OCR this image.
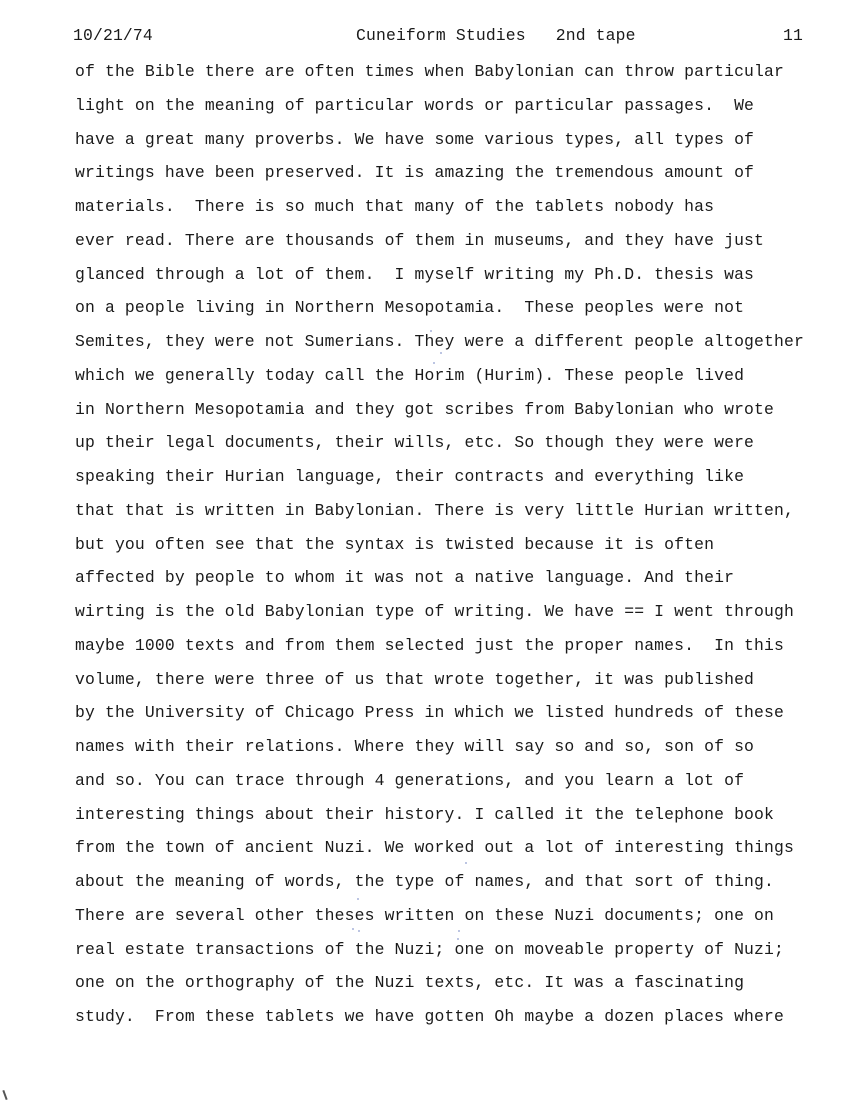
10/21/74	Cuneiform Studies   2nd tape	11
of the Bible there are often times when Babylonian can throw particular
light on the meaning of particular words or particular passages.  We
have a great many proverbs. We have some various types, all types of
writings have been preserved. It is amazing the tremendous amount of
materials.  There is so much that many of the tablets nobody has
ever read. There are thousands of them in museums, and they have just
glanced through a lot of them.  I myself writing my Ph.D. thesis was
on a people living in Northern Mesopotamia.  These peoples were not
Semites, they were not Sumerians. They were a different people altogether
which we generally today call the Horim (Hurim). These people lived
in Northern Mesopotamia and they got scribes from Babylonian who wrote
up their legal documents, their wills, etc. So though they were were
speaking their Hurian language, their contracts and everything like
that that is written in Babylonian. There is very little Hurian written,
but you often see that the syntax is twisted because it is often
affected by people to whom it was not a native language. And their
wirting is the old Babylonian type of writing. We have == I went through
maybe 1000 texts and from them selected just the proper names.  In this
volume, there were three of us that wrote together, it was published
by the University of Chicago Press in which we listed hundreds of these
names with their relations. Where they will say so and so, son of so
and so. You can trace through 4 generations, and you learn a lot of
interesting things about their history. I called it the telephone book
from the town of ancient Nuzi. We worked out a lot of interesting things
about the meaning of words, the type of names, and that sort of thing.
There are several other theses written on these Nuzi documents; one on
real estate transactions of the Nuzi; one on moveable property of Nuzi;
one on the orthography of the Nuzi texts, etc. It was a fascinating
study.  From these tablets we have gotten Oh maybe a dozen places where
